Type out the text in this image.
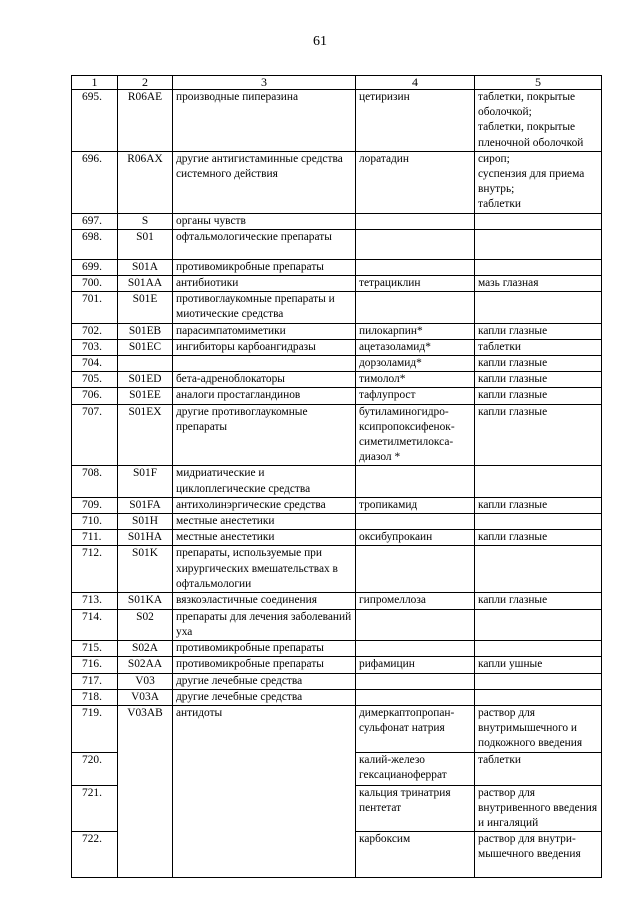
61
1	2	3	4	5
695.	R06AE	производные пиперазина	цетиризин	таблетки, покрытые оболочкой;
таблетки, покрытые пленочной оболочкой
696.	R06AX	другие антигистаминные средства системного действия	лоратадин	сироп;
суспензия для приема внутрь;
таблетки
697.	S	органы чувств		
698.	S01	офтальмологические препараты		
699.	S01A	противомикробные препараты		
700.	S01AA	антибиотики	тетрациклин	мазь глазная
701.	S01E	противоглаукомные препараты и миотические средства		
702.	S01EB	парасимпатомиметики	пилокарпин*	капли глазные
703.	S01EC	ингибиторы карбоангидразы	ацетазоламид*	таблетки
704.			дорзоламид*	капли глазные
705.	S01ED	бета-адреноблокаторы	тимолол*	капли глазные
706.	S01EE	аналоги простагландинов	тафлупрост	капли глазные
707.	S01EX	другие противоглаукомные препараты	бутиламиногидро-ксипропоксифенок-симетилметилокса-диазол *	капли глазные
708.	S01F	мидриатические и циклоплегические средства		
709.	S01FA	антихолинэргические средства	тропикамид	капли глазные
710.	S01H	местные анестетики		
711.	S01HA	местные анестетики	оксибупрокаин	капли глазные
712.	S01K	препараты, используемые при хирургических вмешательствах в офтальмологии		
713.	S01KA	вязкоэластичные соединения	гипромеллоза	капли глазные
714.	S02	препараты для лечения заболеваний уха		
715.	S02A	противомикробные препараты		
716.	S02AA	противомикробные препараты	рифамицин	капли ушные
717.	V03	другие лечебные средства		
718.	V03A	другие лечебные средства		
719.	V03AB	антидоты	димеркаптопропан-сульфонат натрия	раствор для внутримышечного и подкожного введения
720.			калий-железо гексацианоферрат	таблетки
721.			кальция тринатрия пентетат	раствор для внутривенного введения и ингаляций
722.			карбоксим	раствор для внутри-мышечного введения
